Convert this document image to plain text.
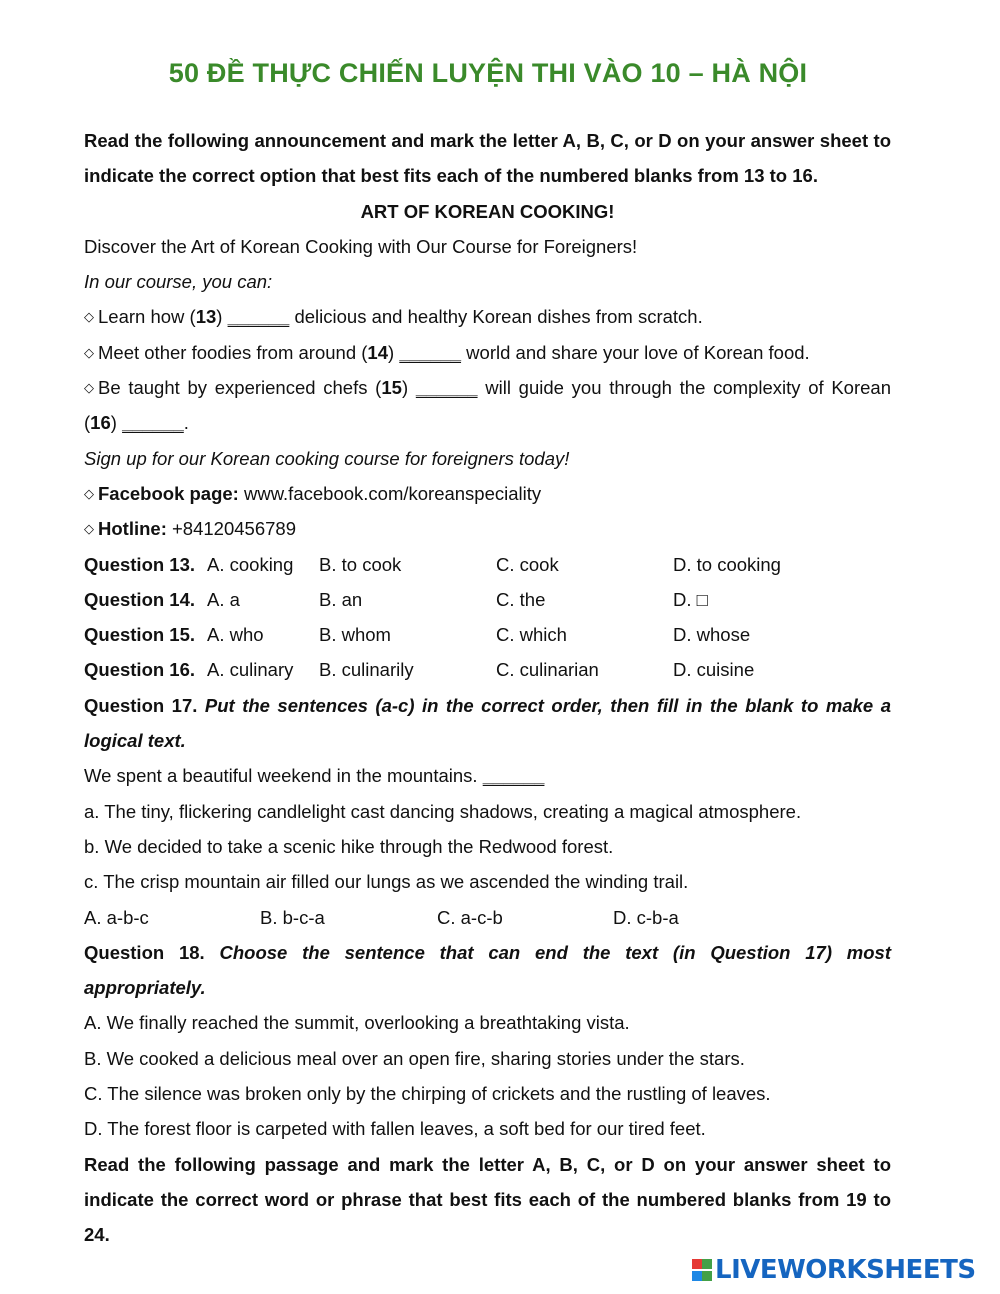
50 ĐỀ THỰC CHIẾN LUYỆN THI VÀO 10 – HÀ NỘI
Read the following announcement and mark the letter A, B, C, or D on your answer sheet to indicate the correct option that best fits each of the numbered blanks from 13 to 16.
ART OF KOREAN COOKING!
Discover the Art of Korean Cooking with Our Course for Foreigners!
In our course, you can:
◇ Learn how (13) ______ delicious and healthy Korean dishes from scratch.
◇ Meet other foodies from around (14) ______ world and share your love of Korean food.
◇ Be taught by experienced chefs (15) ______ will guide you through the complexity of Korean (16) ______.
Sign up for our Korean cooking course for foreigners today!
◇ Facebook page: www.facebook.com/koreanspeciality
◇ Hotline: +84120456789
Question 13. A. cooking B. to cook	C. cook	D. to cooking
Question 14. A. a	B. an	C. the	D. □
Question 15. A. who	B. whom	C. which	D. whose
Question 16. A. culinary B. culinarily	C. culinarian	D. cuisine
Question 17. Put the sentences (a-c) in the correct order, then fill in the blank to make a logical text.
We spent a beautiful weekend in the mountains. ______
a. The tiny, flickering candlelight cast dancing shadows, creating a magical atmosphere.
b. We decided to take a scenic hike through the Redwood forest.
c. The crisp mountain air filled our lungs as we ascended the winding trail.
A. a-b-c	B. b-c-a	C. a-c-b	D. c-b-a
Question 18. Choose the sentence that can end the text (in Question 17) most appropriately.
A. We finally reached the summit, overlooking a breathtaking vista.
B. We cooked a delicious meal over an open fire, sharing stories under the stars.
C. The silence was broken only by the chirping of crickets and the rustling of leaves.
D. The forest floor is carpeted with fallen leaves, a soft bed for our tired feet.
Read the following passage and mark the letter A, B, C, or D on your answer sheet to indicate the correct word or phrase that best fits each of the numbered blanks from 19 to 24.
LIVEWORKSHEETS
